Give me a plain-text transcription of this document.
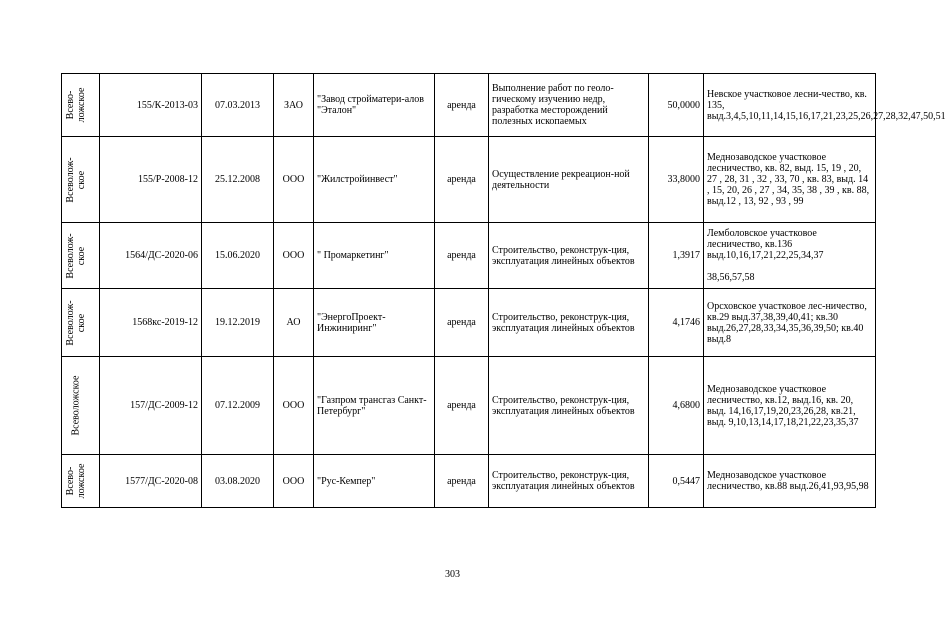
Всево-
ложское	155/К-2013-03	07.03.2013	ЗАО	"Завод стройматери-алов "Эталон"	аренда	Выполнение работ по геоло-гическому изучению недр, разработка месторождений полезных ископаемых	50,0000	Невское участковое лесни-чество, кв. 135, выд.3,4,5,10,11,14,15,16,17,21,23,25,26,27,28,32,47,50,51

Всеволож-
ское	155/Р-2008-12	25.12.2008	ООО	"Жилстройинвест"	аренда	Осуществление рекреацион-ной деятельности	33,8000	Меднозаводское участковое лесничество, кв. 82, выд. 15, 19 , 20, 27 , 28, 31 , 32 , 33, 70 , кв. 83, выд. 14 , 15, 20, 26 , 27 , 34, 35, 38 , 39 , кв. 88, выд.12 , 13, 92 , 93 , 99

Всеволож-
ское	1564/ДС-2020-06	15.06.2020	ООО	" Промаркетинг"	аренда	Строительство, реконструк-ция, эксплуатация линейных объектов	1,3917	Лемболовское участковое лесничество, кв.136 выд.10,16,17,21,22,25,34,37

38,56,57,58

Всеволож-
ское	1568кс-2019-12	19.12.2019	АО	"ЭнергоПроект-Инжиниринг"	аренда	Строительство, реконструк-ция, эксплуатация линейных объектов	4,1746	Орсховское участковое лес-ничество, кв.29 выд.37,38,39,40,41; кв.30 выд.26,27,28,33,34,35,36,39,50; кв.40 выд.8

Всеволожское	157/ДС-2009-12	07.12.2009	ООО	"Газпром трансгаз Санкт-Петербург"	аренда	Строительство, реконструк-ция, эксплуатация линейных объектов	4,6800	Меднозаводское участковое лесничество, кв.12, выд.16, кв. 20, выд. 14,16,17,19,20,23,26,28, кв.21, выд. 9,10,13,14,17,18,21,22,23,35,37

Всево-
ложское	1577/ДС-2020-08	03.08.2020	ООО	"Рус-Кемпер"	аренда	Строительство, реконструк-ция, эксплуатация линейных объектов	0,5447	Меднозаводское участковое лесничество, кв.88 выд.26,41,93,95,98
303
